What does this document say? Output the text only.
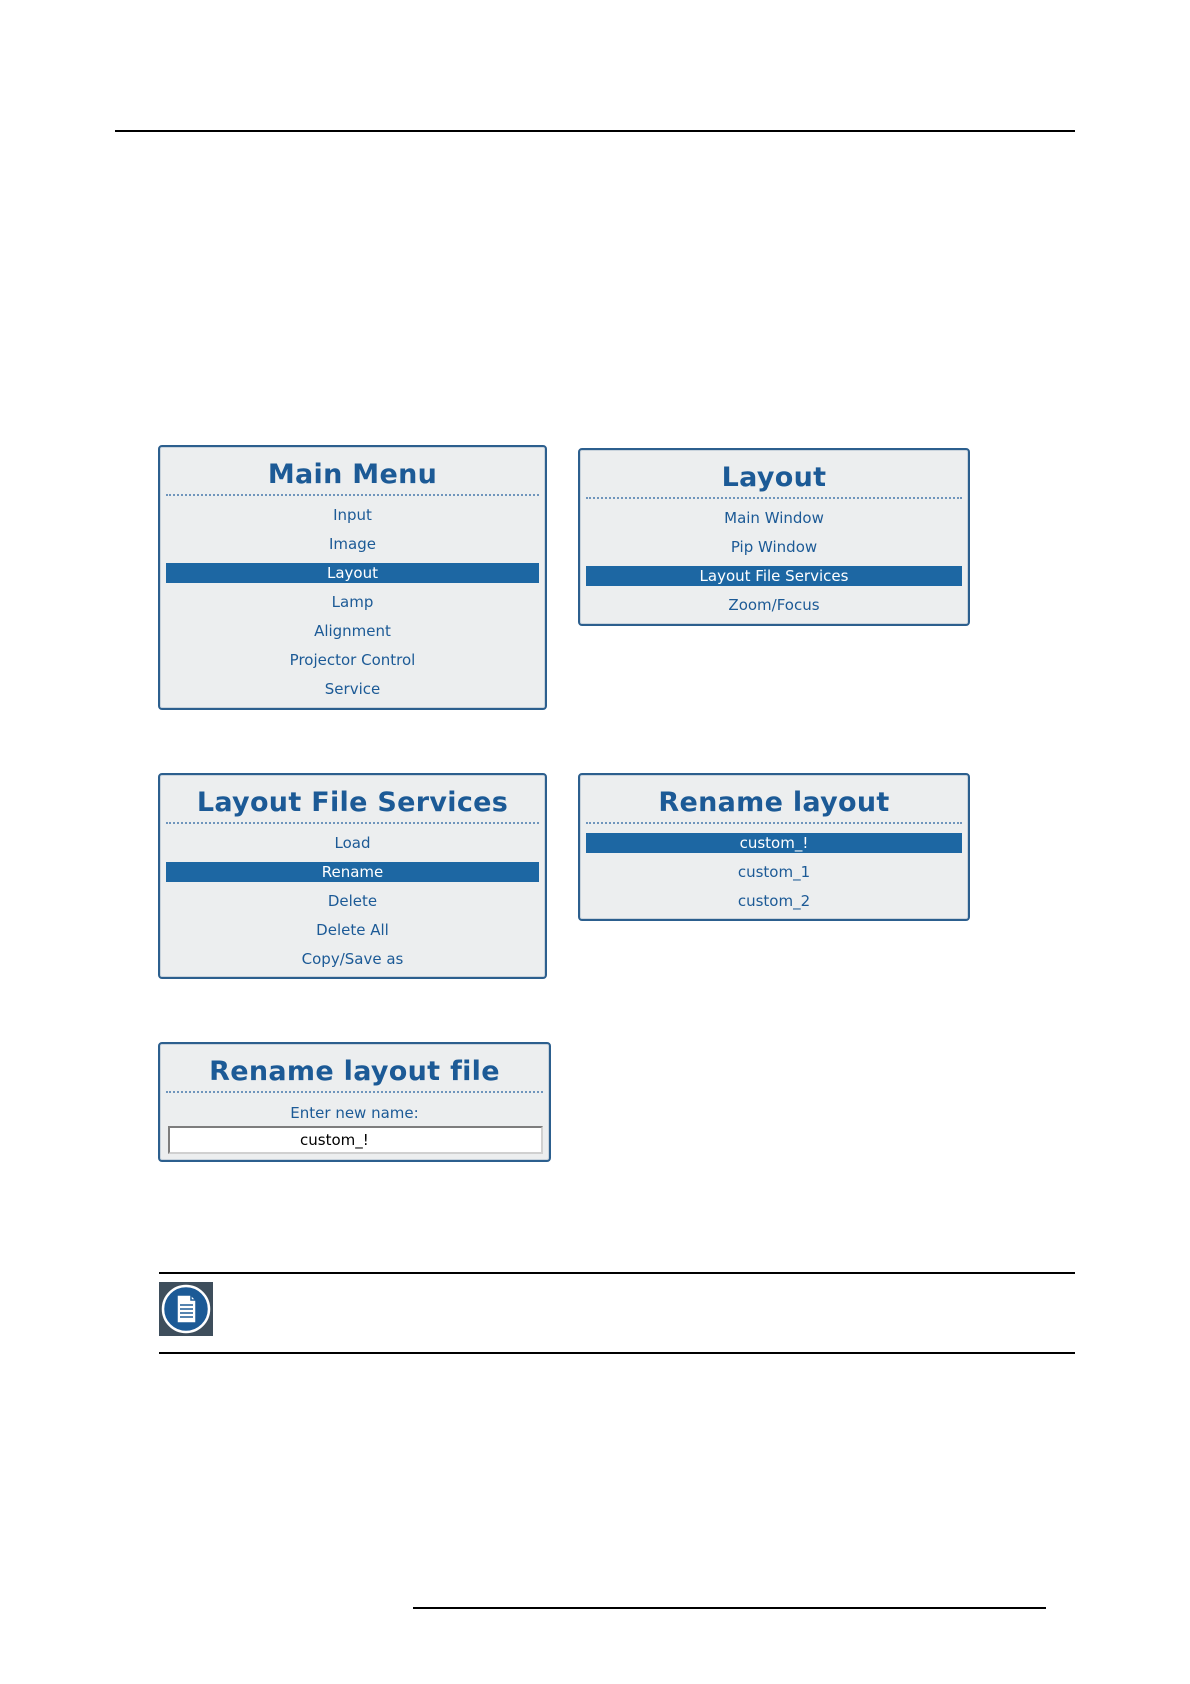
Main Menu
Input
Image
Layout
Lamp
Alignment
Projector Control
Service
Layout
Main Window
Pip Window
Layout File Services
Zoom/Focus
Layout File Services
Load
Rename
Delete
Delete All
Copy/Save as
Rename layout
custom_!
custom_1
custom_2
Rename layout file
Enter new name:
custom_!
